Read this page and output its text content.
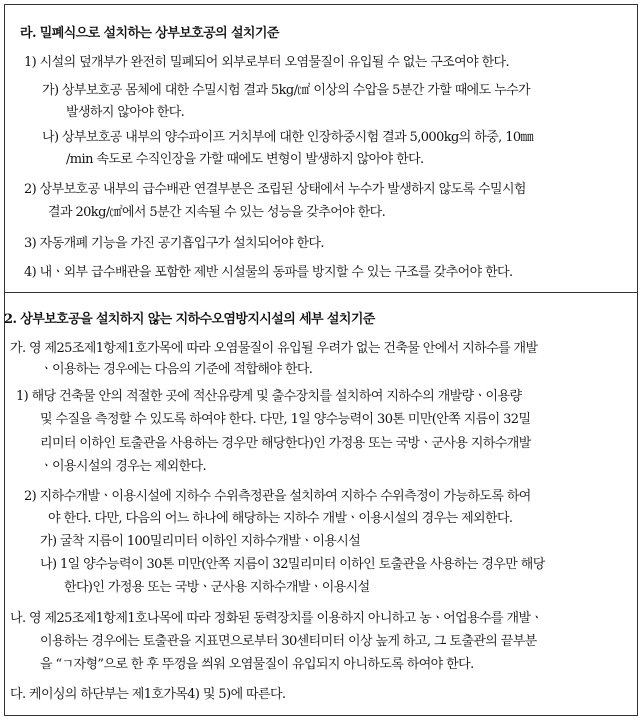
라. 밀폐식으로 설치하는 상부보호공의 설치기준
1) 시설의 덮개부가 완전히 밀폐되어 외부로부터 오염물질이 유입될 수 없는 구조여야 한다.
가) 상부보호공 몸체에 대한 수밀시험 결과 5kg/㎠ 이상의 수압을 5분간 가할 때에도 누수가
발생하지 않아야 한다.
나) 상부보호공 내부의 양수파이프 거치부에 대한 인장하중시험 결과 5,000kg의 하중, 10㎜
/min 속도로 수직인장을 가할 때에도 변형이 발생하지 않아야 한다.
2) 상부보호공 내부의 급수배관 연결부분은 조립된 상태에서 누수가 발생하지 않도록 수밀시험
결과 20kg/㎠에서 5분간 지속될 수 있는 성능을 갖추어야 한다.
3) 자동개폐 기능을 가진 공기흡입구가 설치되어야 한다.
4) 내ㆍ외부 급수배관을 포함한 제반 시설물의 동파를 방지할 수 있는 구조를 갖추어야 한다.
2. 상부보호공을 설치하지 않는 지하수오염방지시설의 세부 설치기준
가. 영 제25조제1항제1호가목에 따라 오염물질이 유입될 우려가 없는 건축물 안에서 지하수를 개발
ㆍ이용하는 경우에는 다음의 기준에 적합해야 한다.
1) 해당 건축물 안의 적절한 곳에 적산유량계 및 출수장치를 설치하여 지하수의 개발량ㆍ이용량
및 수질을 측정할 수 있도록 하여야 한다. 다만, 1일 양수능력이 30톤 미만(안쪽 지름이 32밀
리미터 이하인 토출관을 사용하는 경우만 해당한다)인 가정용 또는 국방ㆍ군사용 지하수개발
ㆍ이용시설의 경우는 제외한다.
2) 지하수개발ㆍ이용시설에 지하수 수위측정관을 설치하여 지하수 수위측정이 가능하도록 하여
야 한다. 다만, 다음의 어느 하나에 해당하는 지하수 개발ㆍ이용시설의 경우는 제외한다.
가) 굴착 지름이 100밀리미터 이하인 지하수개발ㆍ이용시설
나) 1일 양수능력이 30톤 미만(안쪽 지름이 32밀리미터 이하인 토출관을 사용하는 경우만 해당
한다)인 가정용 또는 국방ㆍ군사용 지하수개발ㆍ이용시설
나. 영 제25조제1항제1호나목에 따라 정화된 동력장치를 이용하지 아니하고 농ㆍ어업용수를 개발ㆍ
이용하는 경우에는 토출관을 지표면으로부터 30센티미터 이상 높게 하고, 그 토출관의 끝부분
을 “ㄱ자형”으로 한 후 뚜껑을 씌워 오염물질이 유입되지 아니하도록 하여야 한다.
다. 케이싱의 하단부는 제1호가목4) 및 5)에 따른다.
